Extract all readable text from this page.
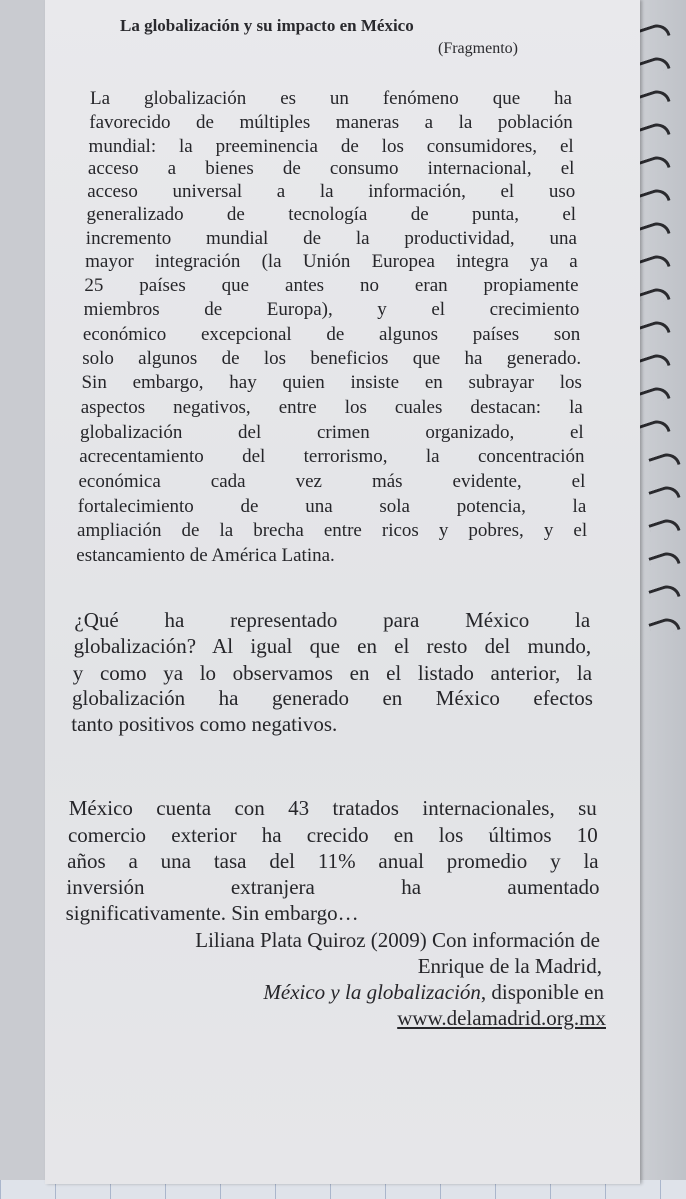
La globalización y su impacto en México
(Fragmento)
La globalización es un fenómeno que ha
favorecido de múltiples maneras a la población
mundial: la preeminencia de los consumidores, el
acceso a bienes de consumo internacional, el
acceso universal a la información, el uso
generalizado de tecnología de punta, el
incremento mundial de la productividad, una
mayor integración (la Unión Europea integra ya a
25 países que antes no eran propiamente
miembros de Europa), y el crecimiento
económico excepcional de algunos países son
solo algunos de los beneficios que ha generado.
Sin embargo, hay quien insiste en subrayar los
aspectos negativos, entre los cuales destacan: la
globalización del crimen organizado, el
acrecentamiento del terrorismo, la concentración
económica cada vez más evidente, el
fortalecimiento de una sola potencia, la
ampliación de la brecha entre ricos y pobres, y el
estancamiento de América Latina.
¿Qué ha representado para México la
globalización? Al igual que en el resto del mundo,
y como ya lo observamos en el listado anterior, la
globalización ha generado en México efectos
tanto positivos como negativos.
México cuenta con 43 tratados internacionales, su
comercio exterior ha crecido en los últimos 10
años a una tasa del 11% anual promedio y la
inversión extranjera ha aumentado
significativamente. Sin embargo…
Liliana Plata Quiroz (2009) Con información de
Enrique de la Madrid,
México y la globalización, disponible en
www.delamadrid.org.mx
